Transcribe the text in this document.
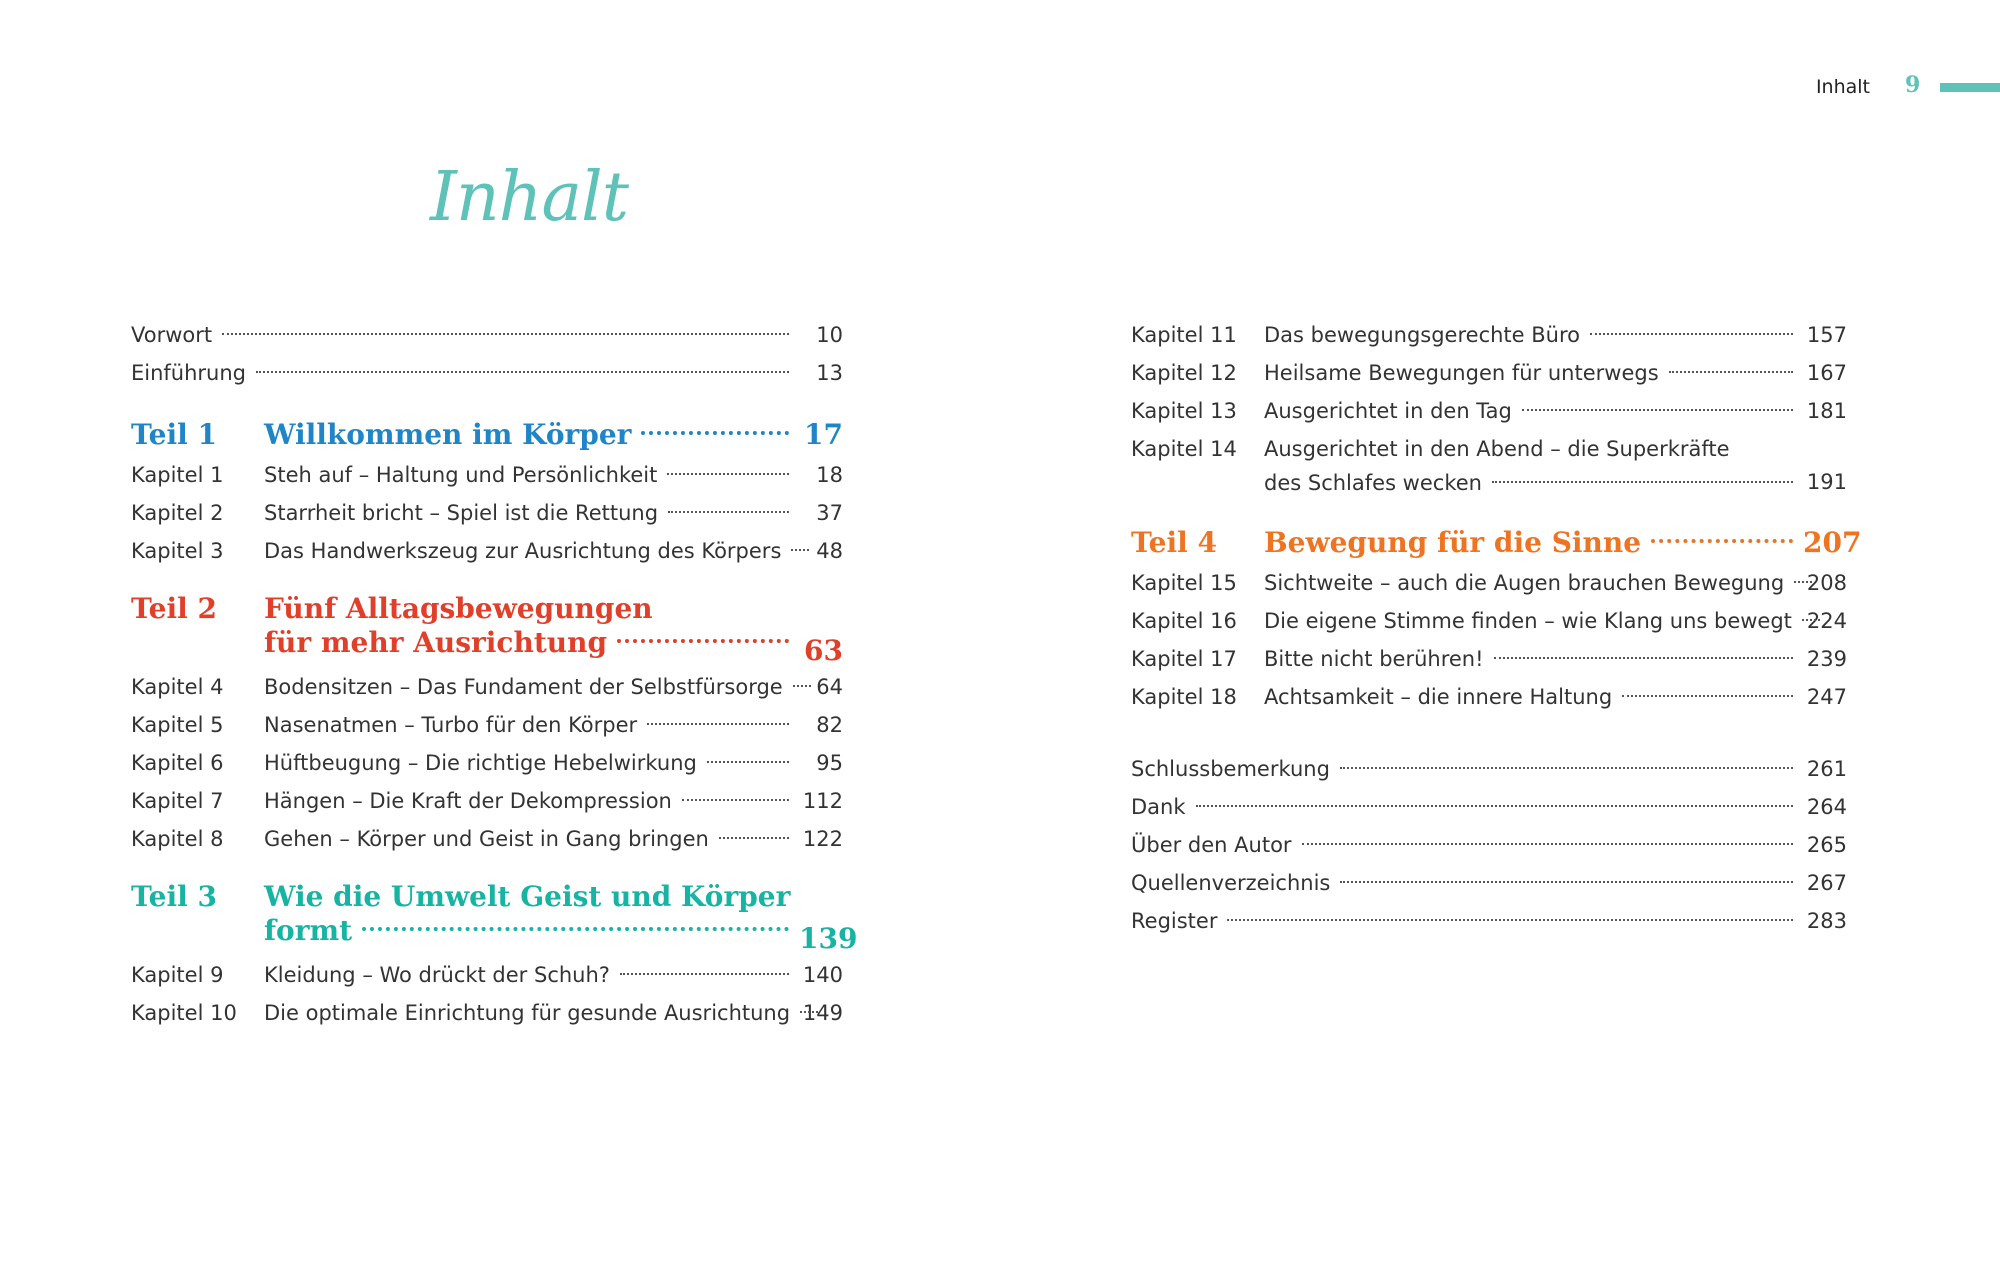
Inhalt 9
Inhalt
Vorwort	10
Einführung	13
Teil 1	Willkommen im Körper	17
Kapitel 1	Steh auf – Haltung und Persönlichkeit	18
Kapitel 2	Starrheit bricht – Spiel ist die Rettung	37
Kapitel 3	Das Handwerkszeug zur Ausrichtung des Körpers	48
Teil 2	Fünf Alltagsbewegungen
für mehr Ausrichtung	63
Kapitel 4	Bodensitzen – Das Fundament der Selbstfürsorge	64
Kapitel 5	Nasenatmen – Turbo für den Körper	82
Kapitel 6	Hüftbeugung – Die richtige Hebelwirkung	95
Kapitel 7	Hängen – Die Kraft der Dekompression	112
Kapitel 8	Gehen – Körper und Geist in Gang bringen	122
Teil 3	Wie die Umwelt Geist und Körper
formt	139
Kapitel 9	Kleidung – Wo drückt der Schuh?	140
Kapitel 10	Die optimale Einrichtung für gesunde Ausrichtung 149
Kapitel 11	Das bewegungsgerechte Büro	157
Kapitel 12	Heilsame Bewegungen für unterwegs	167
Kapitel 13	Ausgerichtet in den Tag	181
Kapitel 14	Ausgerichtet in den Abend – die Superkräfte
des Schlafes wecken	191
Teil 4	Bewegung für die Sinne	207
Kapitel 15	Sichtweite – auch die Augen brauchen Bewegung 208
Kapitel 16	Die eigene Stimme finden – wie Klang uns bewegt 224
Kapitel 17	Bitte nicht berühren!	239
Kapitel 18	Achtsamkeit – die innere Haltung	247
Schlussbemerkung	261
Dank	264
Über den Autor	265
Quellenverzeichnis	267
Register	283
